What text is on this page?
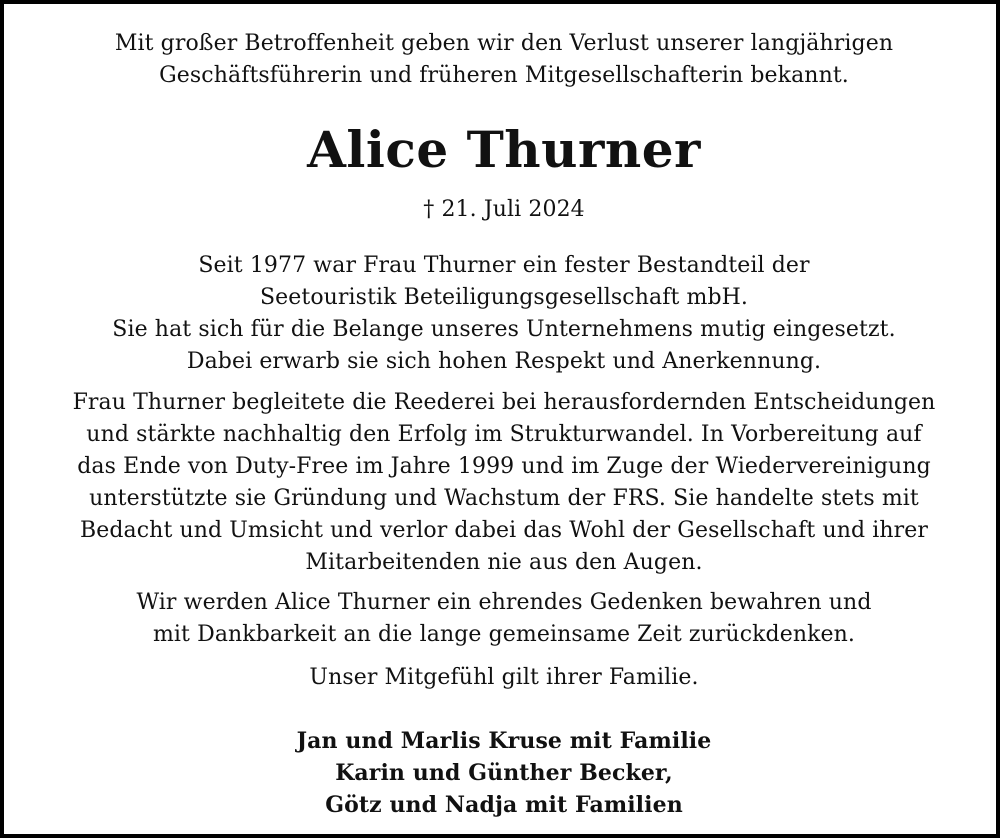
Mit großer Betroffenheit geben wir den Verlust unserer langjährigen
Geschäftsführerin und früheren Mitgesellschafterin bekannt.
Alice Thurner
† 21. Juli 2024
Seit 1977 war Frau Thurner ein fester Bestandteil der
Seetouristik Beteiligungsgesellschaft mbH.
Sie hat sich für die Belange unseres Unternehmens mutig eingesetzt.
Dabei erwarb sie sich hohen Respekt und Anerkennung.
Frau Thurner begleitete die Reederei bei herausfordernden Entscheidungen
und stärkte nachhaltig den Erfolg im Strukturwandel. In Vorbereitung auf
das Ende von Duty-Free im Jahre 1999 und im Zuge der Wiedervereinigung
unterstützte sie Gründung und Wachstum der FRS. Sie handelte stets mit
Bedacht und Umsicht und verlor dabei das Wohl der Gesellschaft und ihrer
Mitarbeitenden nie aus den Augen.
Wir werden Alice Thurner ein ehrendes Gedenken bewahren und
mit Dankbarkeit an die lange gemeinsame Zeit zurückdenken.
Unser Mitgefühl gilt ihrer Familie.
Jan und Marlis Kruse mit Familie
Karin und Günther Becker,
Götz und Nadja mit Familien
